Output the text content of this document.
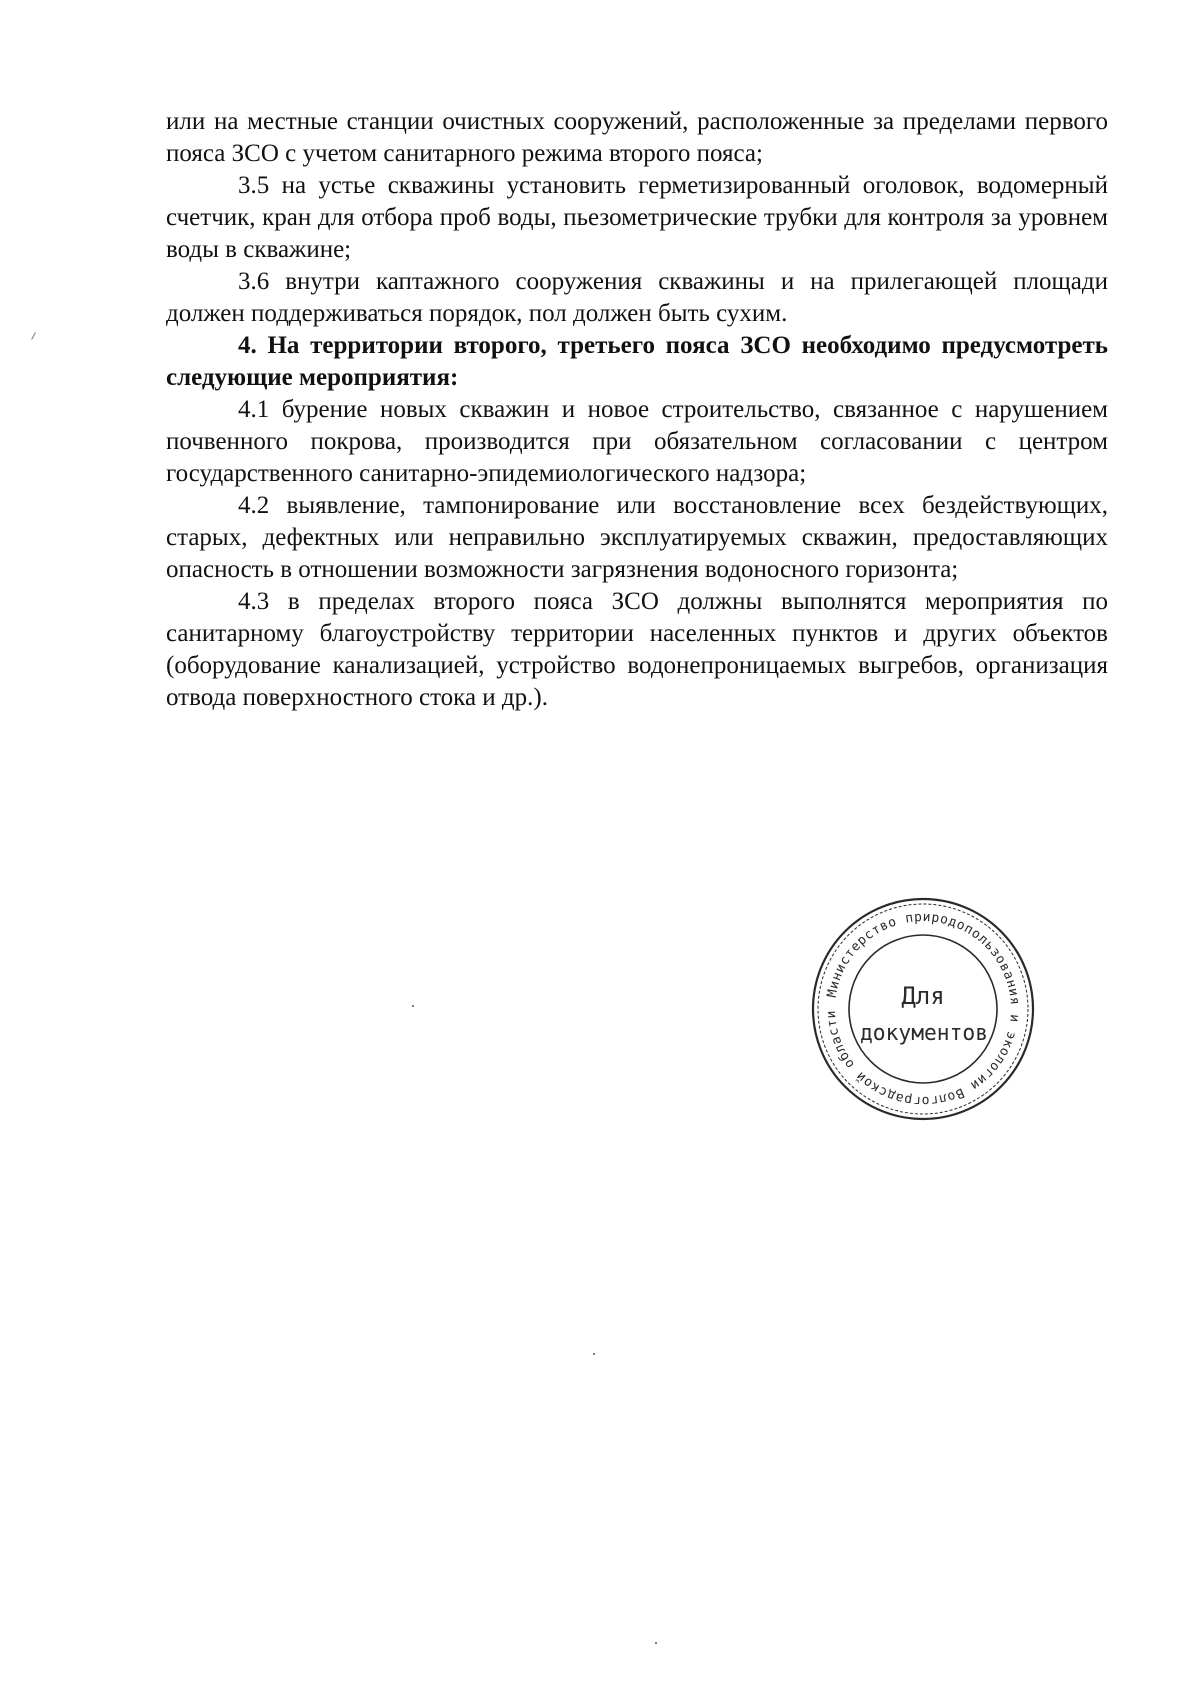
или на местные станции очистных сооружений, расположенные за пределами первого пояса ЗСО с учетом санитарного режима второго пояса;

3.5 на устье скважины установить герметизированный оголовок, водомерный счетчик, кран для отбора проб воды, пьезометрические трубки для контроля за уровнем воды в скважине;

3.6 внутри каптажного сооружения скважины и на прилегающей площади должен поддерживаться порядок, пол должен быть сухим.

4. На территории второго, третьего пояса ЗСО необходимо предусмотреть следующие мероприятия:

4.1 бурение новых скважин и новое строительство, связанное с нарушением почвенного покрова, производится при обязательном согласовании с центром государственного санитарно-эпидемиологического надзора;

4.2 выявление, тампонирование или восстановление всех бездействующих, старых, дефектных или неправильно эксплуатируемых скважин, предоставляющих опасность в отношении возможности загрязнения водоносного горизонта;

4.3 в пределах второго пояса ЗСО должны выполнятся мероприятия по санитарному благоустройству территории населенных пунктов и других объектов (оборудование канализацией, устройство водонепроницаемых выгребов, организация отвода поверхностного стока и др.).

Министерство природопользования и экологии Волгоградской области
Для
документов
